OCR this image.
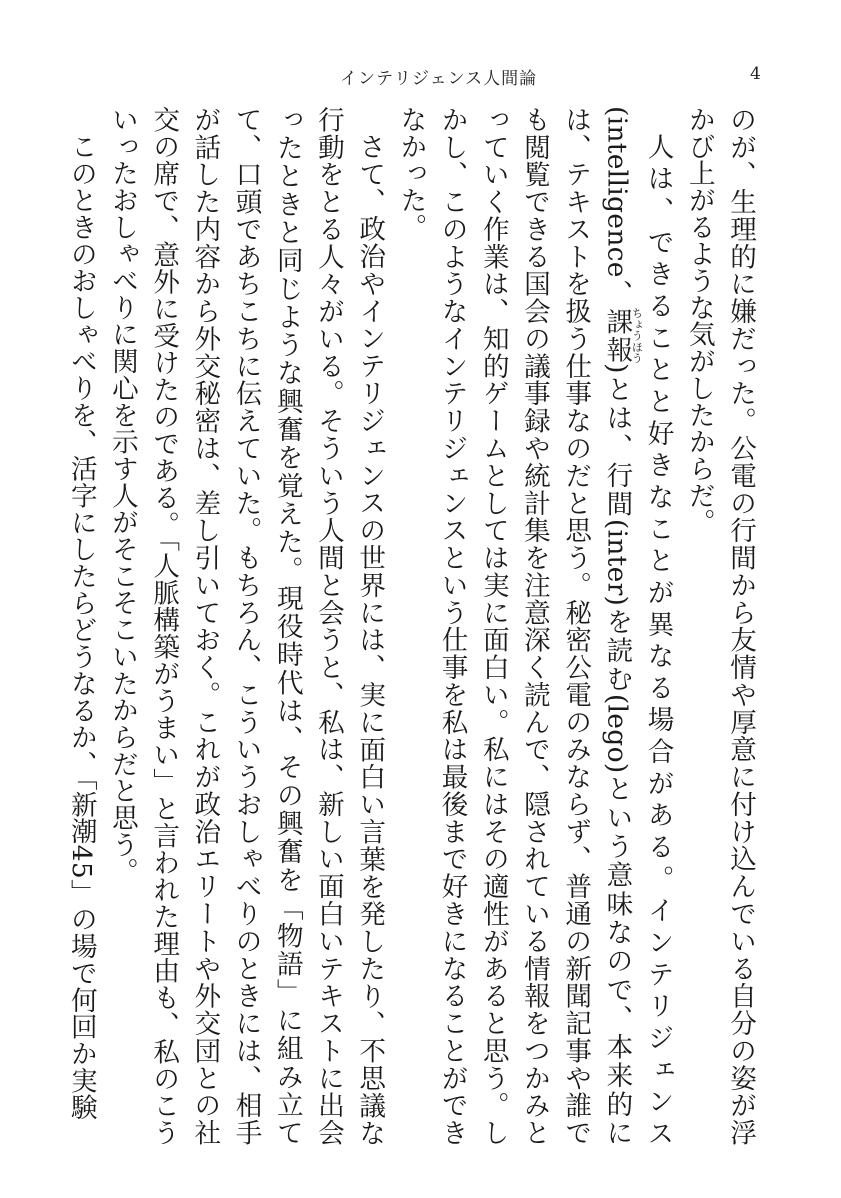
インテリジェンス人間論	4

のが、生理的に嫌だった。公電の行間から友情や厚意に付け込んでいる自分の姿が浮かび上がるような気がしたからだ。

人は、できることと好きなことが異なる場合がある。インテリジェンス(intelligence、課報ちょうほう)とは、行間(inter)を読む(lego)という意味なので、本来的には、テキストを扱う仕事なのだと思う。秘密公電のみならず、普通の新聞記事や誰でも閲覧できる国会の議事録や統計集を注意深く読んで、隠されている情報をつかみとっていく作業は、知的ゲームとしては実に面白い。私にはその適性があると思う。しかし、このようなインテリジェンスという仕事を私は最後まで好きになることができなかった。

さて、政治やインテリジェンスの世界には、実に面白い言葉を発したり、不思議な行動をとる人々がいる。そういう人間と会うと、私は、新しい面白いテキストに出会ったときと同じような興奮を覚えた。現役時代は、その興奮を「物語」に組み立てて、口頭であちこちに伝えていた。もちろん、こういうおしゃべりのときには、相手が話した内容から外交秘密は、差し引いておく。これが政治エリートや外交団との社交の席で、意外に受けたのである。「人脈構築がうまい」と言われた理由も、私のこういったおしゃべりに関心を示す人がそこそこいたからだと思う。

このときのおしゃべりを、活字にしたらどうなるか、「新潮45」の場で何回か実験
